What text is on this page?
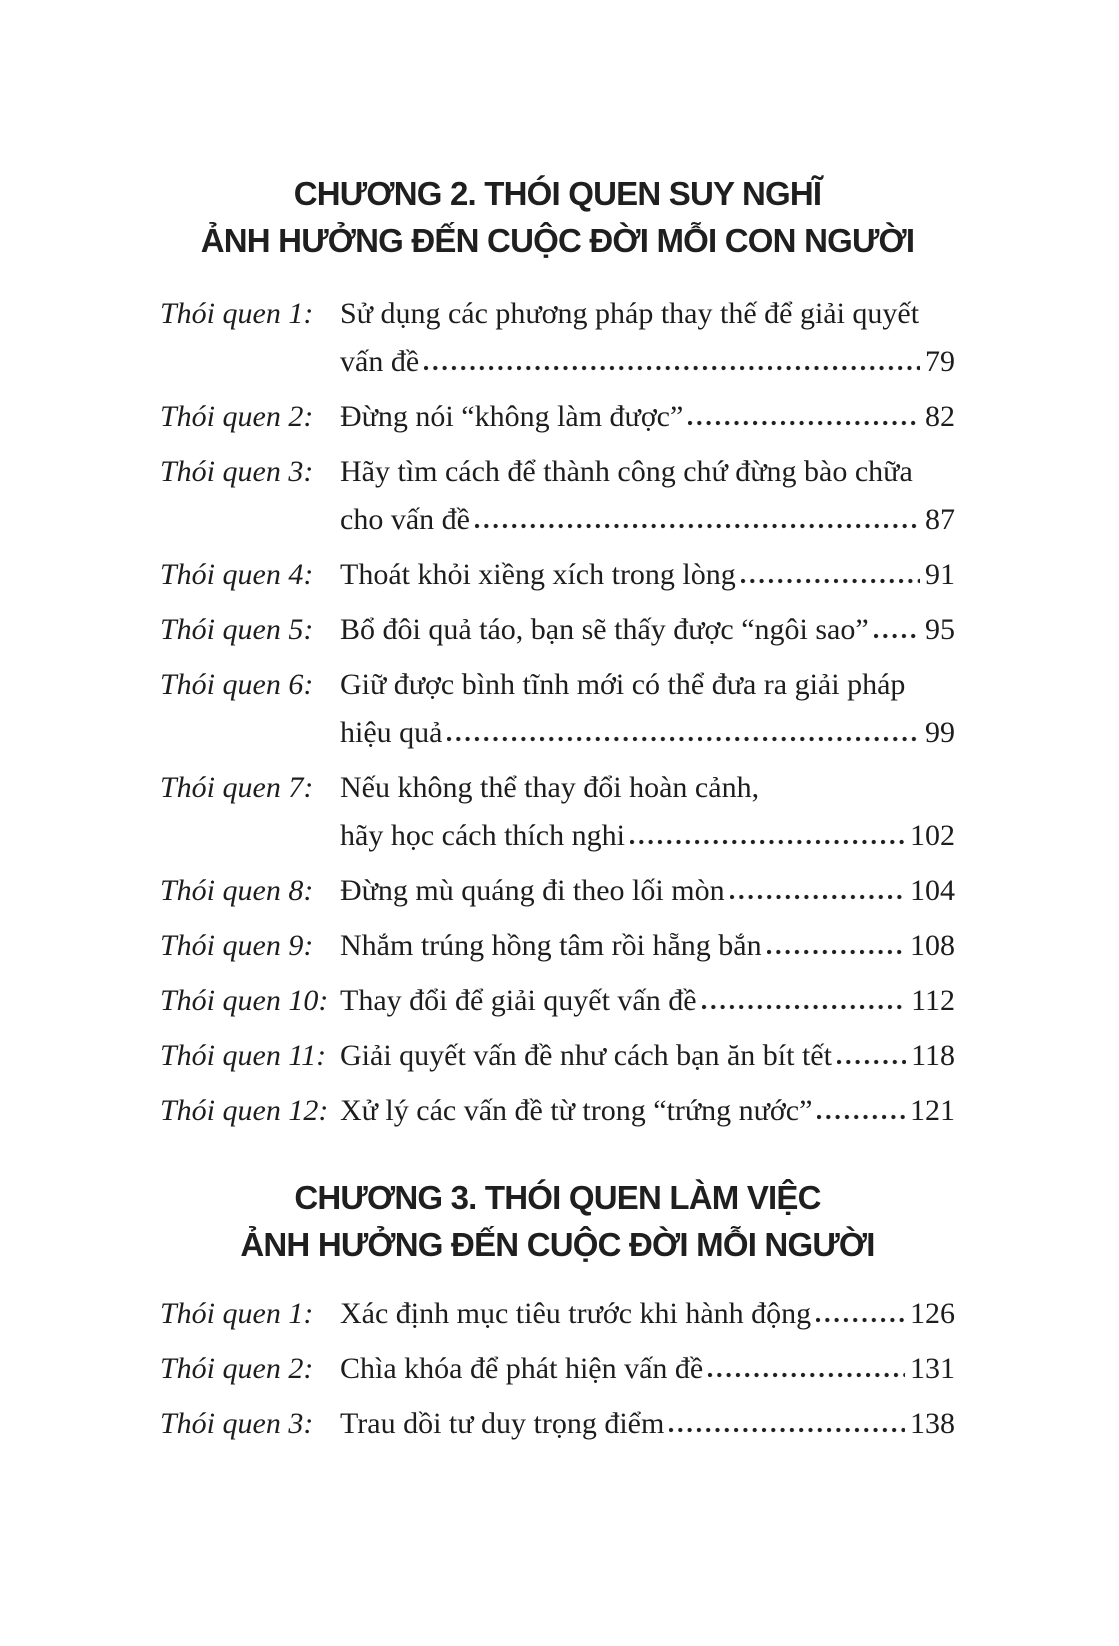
CHƯƠNG 2. THÓI QUEN SUY NGHĨ
ẢNH HƯỞNG ĐẾN CUỘC ĐỜI MỖI CON NGƯỜI
Thói quen 1: Sử dụng các phương pháp thay thế để giải quyết
vấn đề	79
Thói quen 2: Đừng nói “không làm được”	82
Thói quen 3: Hãy tìm cách để thành công chứ đừng bào chữa
cho vấn đề	87
Thói quen 4: Thoát khỏi xiềng xích trong lòng	91
Thói quen 5: Bổ đôi quả táo, bạn sẽ thấy được “ngôi sao” 95
Thói quen 6: Giữ được bình tĩnh mới có thể đưa ra giải pháp
hiệu quả	99
Thói quen 7: Nếu không thể thay đổi hoàn cảnh,
hãy học cách thích nghi	102
Thói quen 8: Đừng mù quáng đi theo lối mòn	104
Thói quen 9: Nhắm trúng hồng tâm rồi hẵng bắn	108
Thói quen 10: Thay đổi để giải quyết vấn đề	112
Thói quen 11: Giải quyết vấn đề như cách bạn ăn bít tết	118
Thói quen 12: Xử lý các vấn đề từ trong “trứng nước”	121
CHƯƠNG 3. THÓI QUEN LÀM VIỆC
ẢNH HƯỞNG ĐẾN CUỘC ĐỜI MỖI NGƯỜI
Thói quen 1: Xác định mục tiêu trước khi hành động	126
Thói quen 2: Chìa khóa để phát hiện vấn đề	131
Thói quen 3: Trau dồi tư duy trọng điểm	138
